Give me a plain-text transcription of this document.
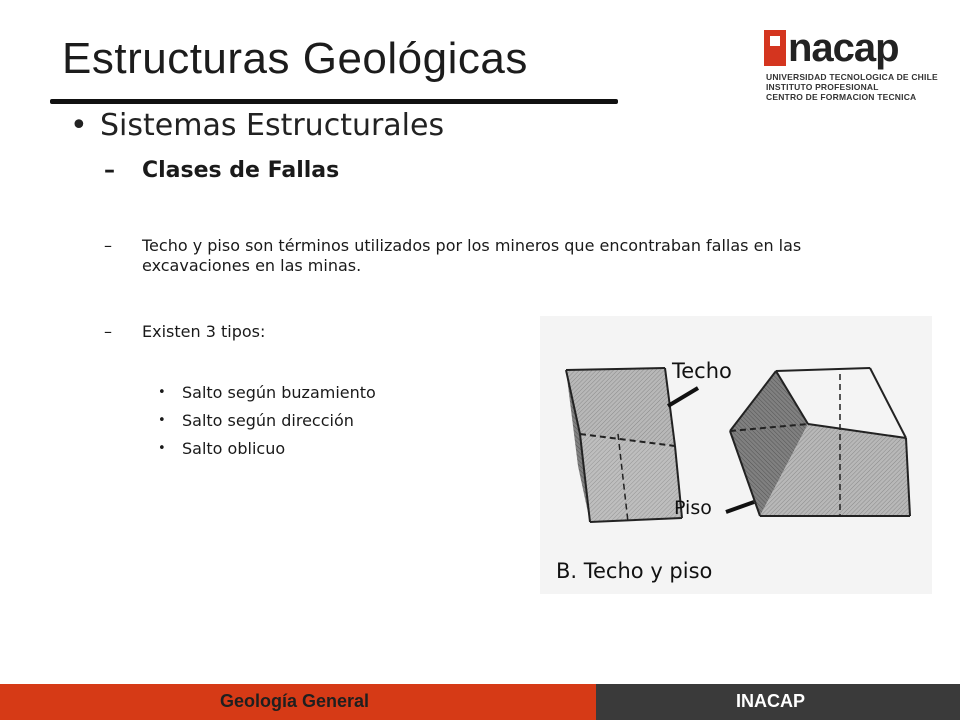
Estructuras Geológicas	nacap
UNIVERSIDAD TECNOLOGICA DE CHILE
INSTITUTO PROFESIONAL
CENTRO DE FORMACION TECNICA
• Sistemas Estructurales
– Clases de Fallas
– Techo y piso son términos utilizados por los mineros que encontraban fallas en las excavaciones en las minas.
– Existen 3 tipos:
• Salto según buzamiento
• Salto según dirección
• Salto oblicuo
Techo
Piso
B. Techo y piso
Geología General	INACAP
